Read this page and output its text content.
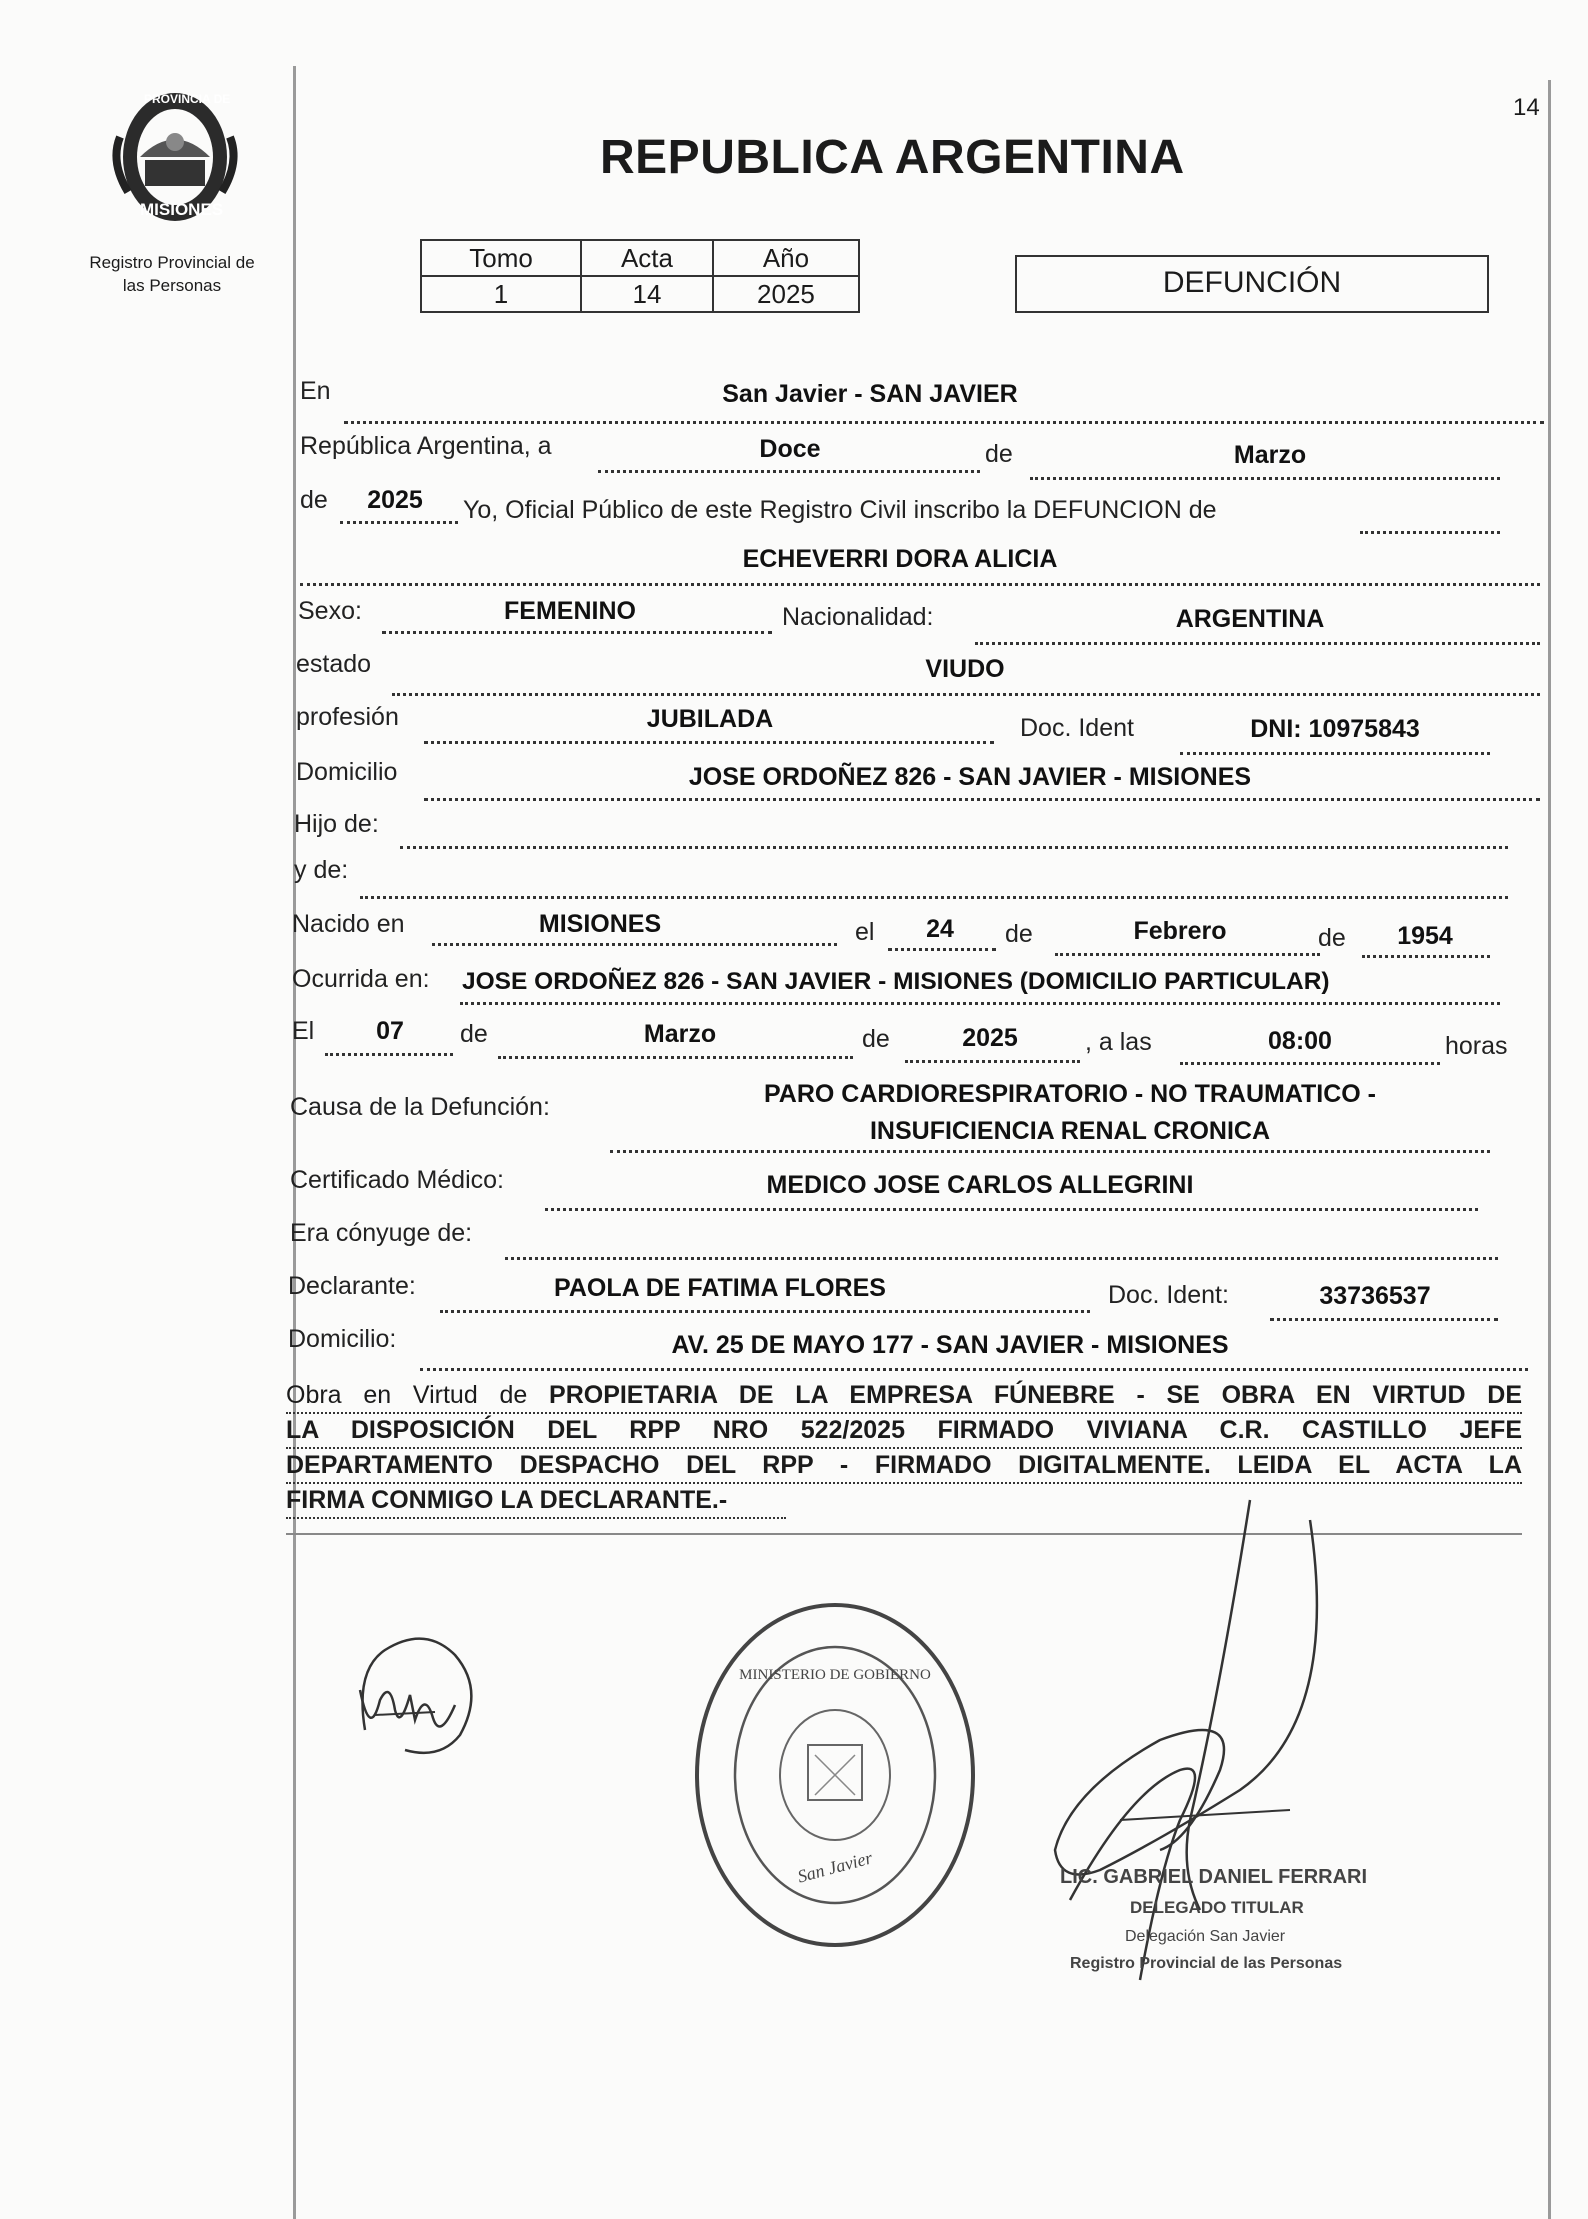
14
PROVINCIA DE
MISIONES
Registro Provincial de
las Personas
REPUBLICA ARGENTINA
Tomo	Acta	Año
1	14	2025	DEFUNCIÓN
En	San Javier - SAN JAVIER
República Argentina, a	Doce	de	Marzo
de	2025	Yo, Oficial Público de este Registro Civil inscribo la DEFUNCION de
ECHEVERRI DORA ALICIA
Sexo:	FEMENINO	Nacionalidad:	ARGENTINA
estado	VIUDO
profesión	JUBILADA	Doc. Ident	DNI: 10975843
Domicilio	JOSE ORDOÑEZ 826 - SAN JAVIER - MISIONES
Hijo de:
y de:
Nacido en	MISIONES	el	24	de	Febrero	de	1954
Ocurrida en: JOSE ORDOÑEZ 826 - SAN JAVIER - MISIONES (DOMICILIO PARTICULAR)
El	07	de	Marzo	de	2025	, a las	08:00	horas
Causa de la Defunción:	PARO CARDIORESPIRATORIO - NO TRAUMATICO -
INSUFICIENCIA RENAL CRONICA
Certificado Médico:	MEDICO JOSE CARLOS ALLEGRINI
Era cónyuge de:
Declarante:	PAOLA DE FATIMA FLORES	Doc. Ident:	33736537
Domicilio:	AV. 25 DE MAYO 177 - SAN JAVIER - MISIONES
Obra en Virtud de PROPIETARIA DE LA EMPRESA FÚNEBRE - SE OBRA EN VIRTUD DE
LA DISPOSICIÓN DEL RPP NRO 522/2025 FIRMADO VIVIANA C.R. CASTILLO JEFE
DEPARTAMENTO DESPACHO DEL RPP - FIRMADO DIGITALMENTE. LEIDA EL ACTA LA
FIRMA CONMIGO LA DECLARANTE.-
MINISTERIO DE GOBIERNO
San Javier	LIC. GABRIEL DANIEL FERRARI
DELEGADO TITULAR
Delegación San Javier
Registro Provincial de las Personas
